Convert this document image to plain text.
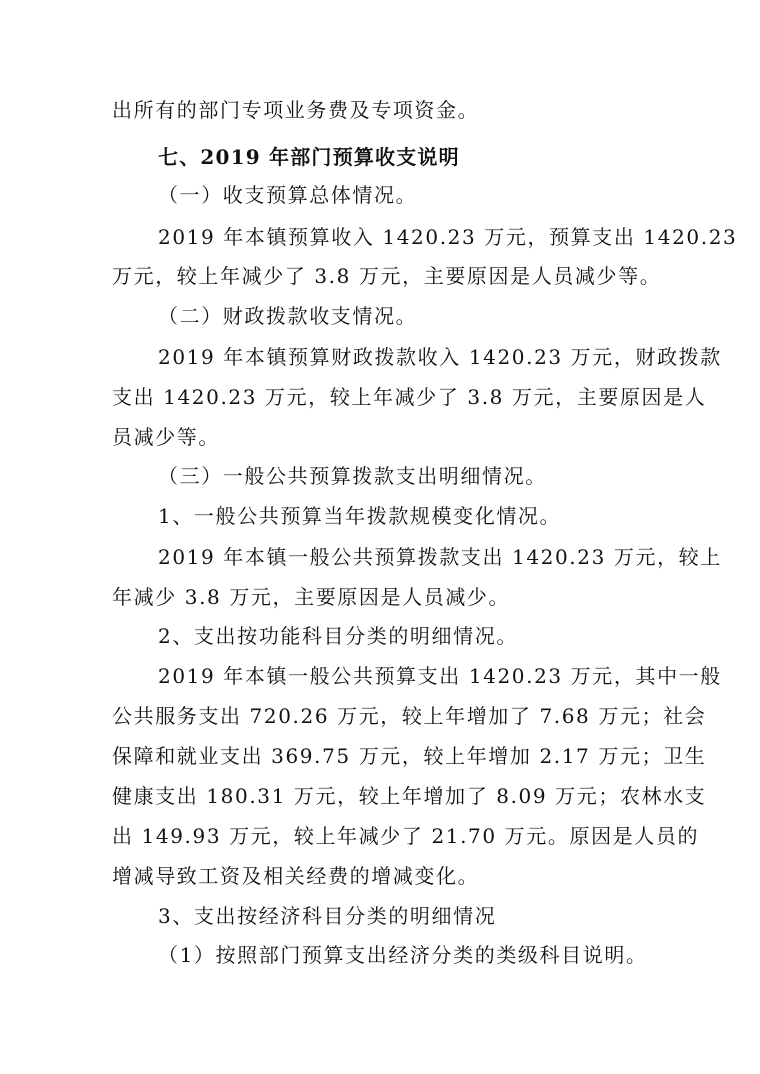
出所有的部门专项业务费及专项资金。
七、2019 年部门预算收支说明
（一）收支预算总体情况。
2019 年本镇预算收入 1420.23 万元，预算支出 1420.23
万元，较上年减少了 3.8 万元，主要原因是人员减少等。
（二）财政拨款收支情况。
2019 年本镇预算财政拨款收入 1420.23 万元，财政拨款
支出 1420.23 万元，较上年减少了 3.8 万元，主要原因是人
员减少等。
（三）一般公共预算拨款支出明细情况。
1、一般公共预算当年拨款规模变化情况。
2019 年本镇一般公共预算拨款支出 1420.23 万元，较上
年减少 3.8 万元，主要原因是人员减少。
2、支出按功能科目分类的明细情况。
2019 年本镇一般公共预算支出 1420.23 万元，其中一般
公共服务支出 720.26 万元，较上年增加了 7.68 万元；社会
保障和就业支出 369.75 万元，较上年增加 2.17 万元；卫生
健康支出 180.31 万元，较上年增加了 8.09 万元；农林水支
出 149.93 万元，较上年减少了 21.70 万元。原因是人员的
增减导致工资及相关经费的增减变化。
3、支出按经济科目分类的明细情况
（1）按照部门预算支出经济分类的类级科目说明。
